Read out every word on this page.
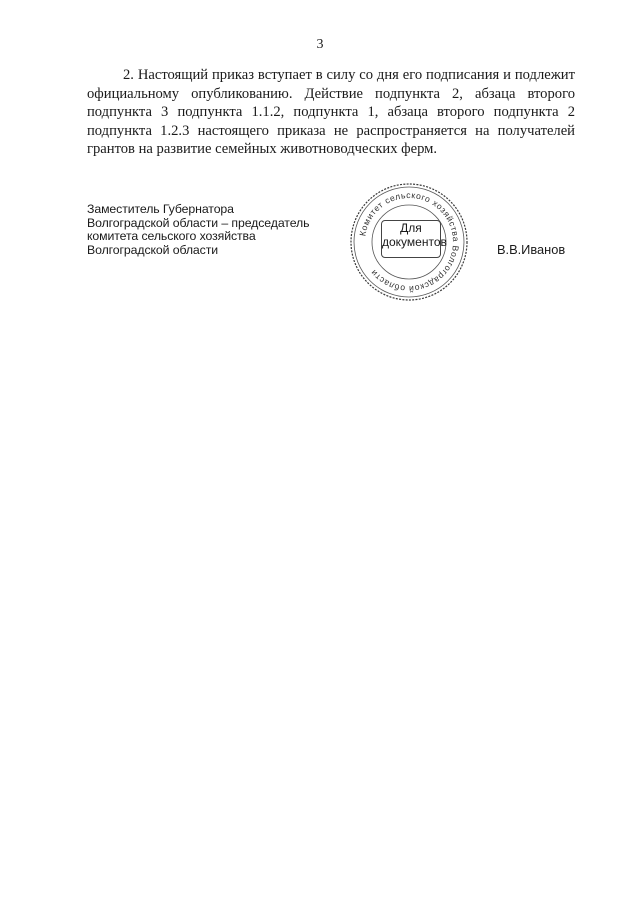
3

2. Настоящий приказ вступает в силу со дня его подписания и подлежит официальному опубликованию. Действие подпункта 2, абзаца второго подпункта 3 подпункта 1.1.2, подпункта 1, абзаца второго подпункта 2 подпункта 1.2.3 настоящего приказа не распространяется на получателей грантов на развитие семейных животноводческих ферм.

Заместитель Губернатора
Волгоградской области – председатель
комитета сельского хозяйства
Волгоградской области
Комитет сельского хозяйства Волгоградской области
Для
документов	В.В.Иванов
